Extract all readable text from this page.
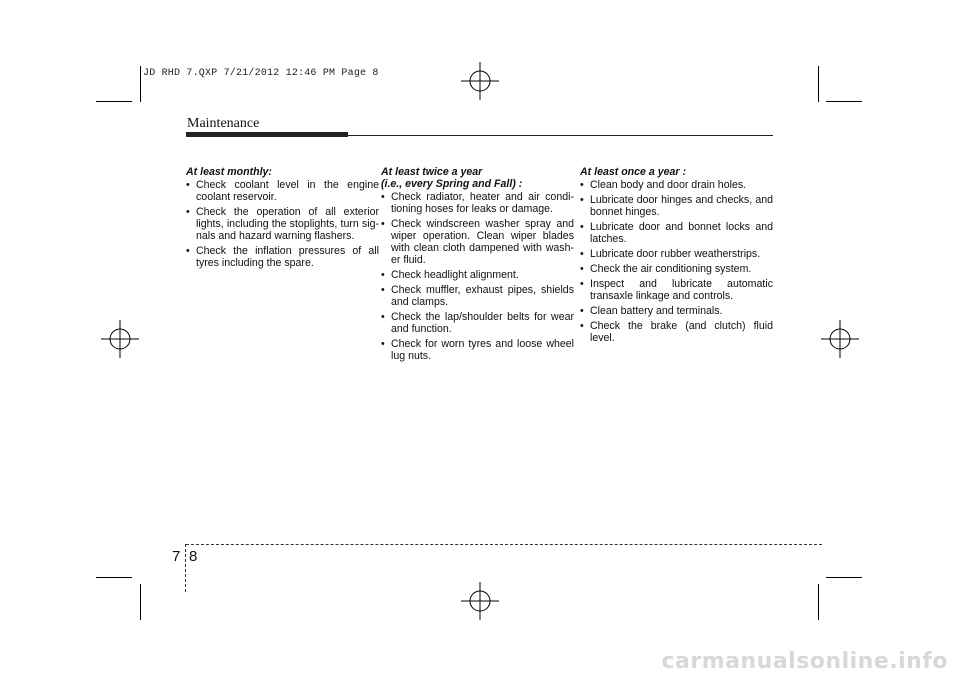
JD RHD 7.QXP 7/21/2012 12:46 PM Page 8
Maintenance
At least monthly:
• Check coolant level in the engine coolant reservoir.
• Check the operation of all exterior lights, including the stoplights, turn sig-nals and hazard warning flashers.
• Check the inflation pressures of all tyres including the spare.
At least twice a year
(i.e., every Spring and Fall) :
• Check radiator, heater and air condi-tioning hoses for leaks or damage.
• Check windscreen washer spray and wiper operation. Clean wiper blades with clean cloth dampened with wash-er fluid.
• Check headlight alignment.
• Check muffler, exhaust pipes, shields and clamps.
• Check the lap/shoulder belts for wear and function.
• Check for worn tyres and loose wheel lug nuts.
At least once a year :
• Clean body and door drain holes.
• Lubricate door hinges and checks, and bonnet hinges.
• Lubricate door and bonnet locks and latches.
• Lubricate door rubber weatherstrips.
• Check the air conditioning system.
• Inspect and lubricate automatic transaxle linkage and controls.
• Clean battery and terminals.
• Check the brake (and clutch) fluid level.
7 8
carmanualsonline.info
